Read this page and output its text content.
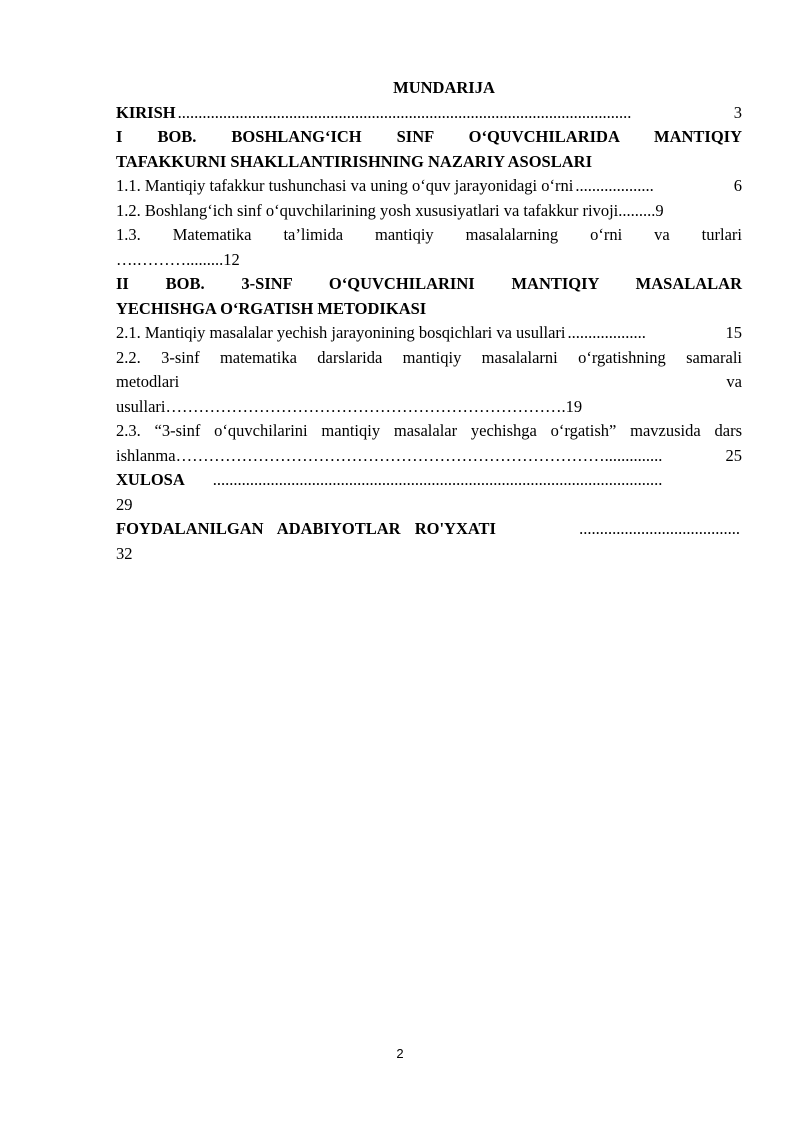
MUNDARIJA

KIRISH ..............................................................................................................	3
I BOB. BOSHLANG‘ICH SINF O‘QUVCHILARIDA MANTIQIY
TAFAKKURNI SHAKLLANTIRISHNING NAZARIY ASOSLARI
1.1. Mantiqiy tafakkur tushunchasi va uning o‘quv jarayonidagi o‘rni ...................	6
1.2. Boshlang‘ich sinf o‘quvchilarining yosh xususiyatlari va tafakkur rivoji ......... 9
1.3. Matematika ta’limida mantiqiy masalalarning o‘rni va turlari
….……….........12
II BOB. 3-SINF O‘QUVCHILARINI MANTIQIY MASALALAR
YECHISHGA O‘RGATISH METODIKASI
2.1. Mantiqiy masalalar yechish jarayonining bosqichlari va usullari ...................	15
2.2. 3-sinf matematika darslarida mantiqiy masalalarni o‘rgatishning samarali
metodlari	va
usullari……………………………………………………………….19
2.3. “3-sinf o‘quvchilarini mantiqiy masalalar yechishga o‘rgatish” mavzusida dars
ishlanma……………………………………………………………………..............	25
XULOSA .............................................................................................................
29
FOYDALANILGAN ADABIYOTLAR RO'YXATI	.......................................
32
2
